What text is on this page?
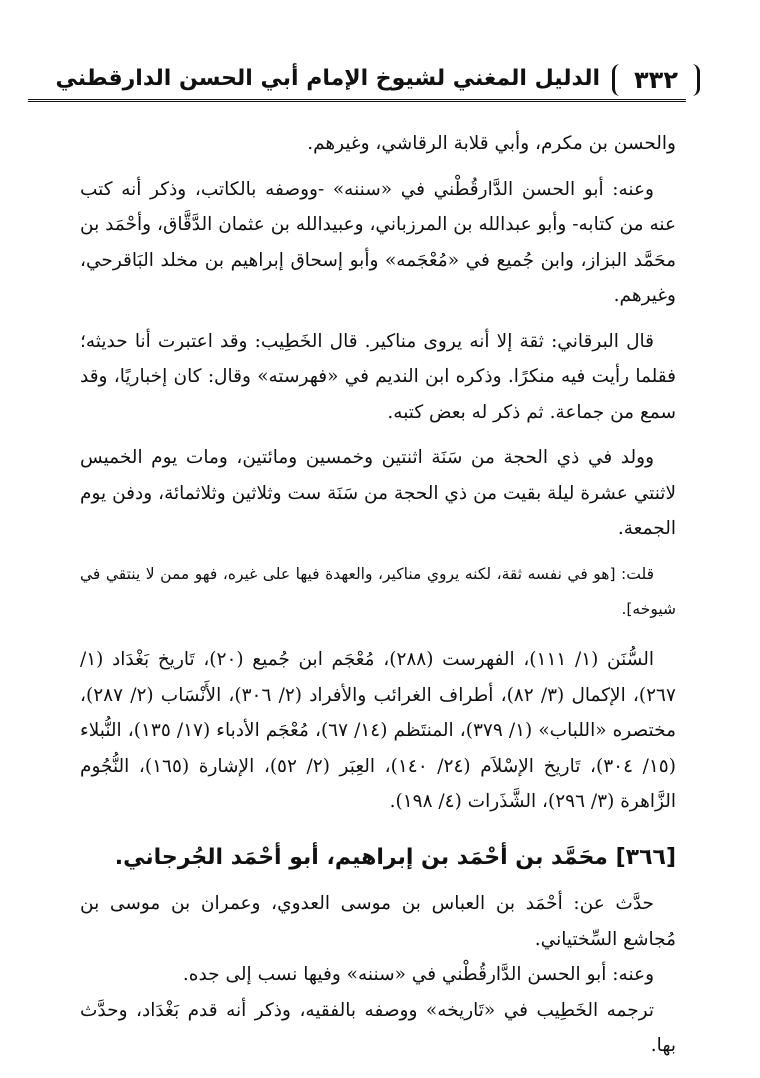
٣٣٢
الدليل المغني لشيوخ الإمام أبي الحسن الدارقطني

والحسن بن مكرم، وأبي قلابة الرقاشي، وغيرهم.

وعنه: أبو الحسن الدَّارقُطْني في «سننه» -ووصفه بالكاتب، وذكر أنه كتب عنه من كتابه- وأبو عبدالله بن المرزباني، وعبيدالله بن عثمان الدَّقَّاق، وأحْمَد بن محَمَّد البزاز، وابن جُميع في «مُعْجَمه» وأبو إسحاق إبراهيم بن مخلد البَاقرحي، وغيرهم.

قال البرقاني: ثقة إلا أنه يروى مناكير. قال الخَطِيب: وقد اعتبرت أنا حديثه؛ فقلما رأيت فيه منكرًا. وذكره ابن النديم في «فهرسته» وقال: كان إخباريًا، وقد سمع من جماعة. ثم ذكر له بعض كتبه.

وولد في ذي الحجة من سَنَة اثنتين وخمسين ومائتين، ومات يوم الخميس لاثنتي عشرة ليلة بقيت من ذي الحجة من سَنَة ست وثلاثين وثلاثمائة، ودفن يوم الجمعة.

قلت: [هو في نفسه ثقة، لكنه يروي مناكير، والعهدة فيها على غيره، فهو ممن لا ينتقي في شيوخه].

السُّنَن (١/ ١١١)، الفهرست (٢٨٨)، مُعْجَم ابن جُميع (٢٠)، تَاريخ بَغْدَاد (١/ ٢٦٧)، الإكمال (٣/ ٨٢)، أطراف الغرائب والأفراد (٢/ ٣٠٦)، الأَنْسَاب (٢/ ٢٨٧)، مختصره «اللباب» (١/ ٣٧٩)، المنتَظم (١٤/ ٦٧)، مُعْجَم الأدباء (١٧/ ١٣٥)، النُّبلاء (١٥/ ٣٠٤)، تَاريخ الإسْلاَم (٢٤/ ١٤٠)، العِبَر (٢/ ٥٢)، الإشارة (١٦٥)، النُّجُوم الزَّاهرة (٣/ ٢٩٦)، الشَّذَرات (٤/ ١٩٨).

[٣٦٦] محَمَّد بن أحْمَد بن إبراهيم، أبو أحْمَد الجُرجاني.

حدَّث عن: أحْمَد بن العباس بن موسى العدوي، وعمران بن موسى بن مُجاشع السِّختياني.

وعنه: أبو الحسن الدَّارقُطْني في «سننه» وفيها نسب إلى جده.

ترجمه الخَطِيب في «تَاريخه» ووصفه بالفقيه، وذكر أنه قدم بَغْدَاد، وحدَّث بها.
